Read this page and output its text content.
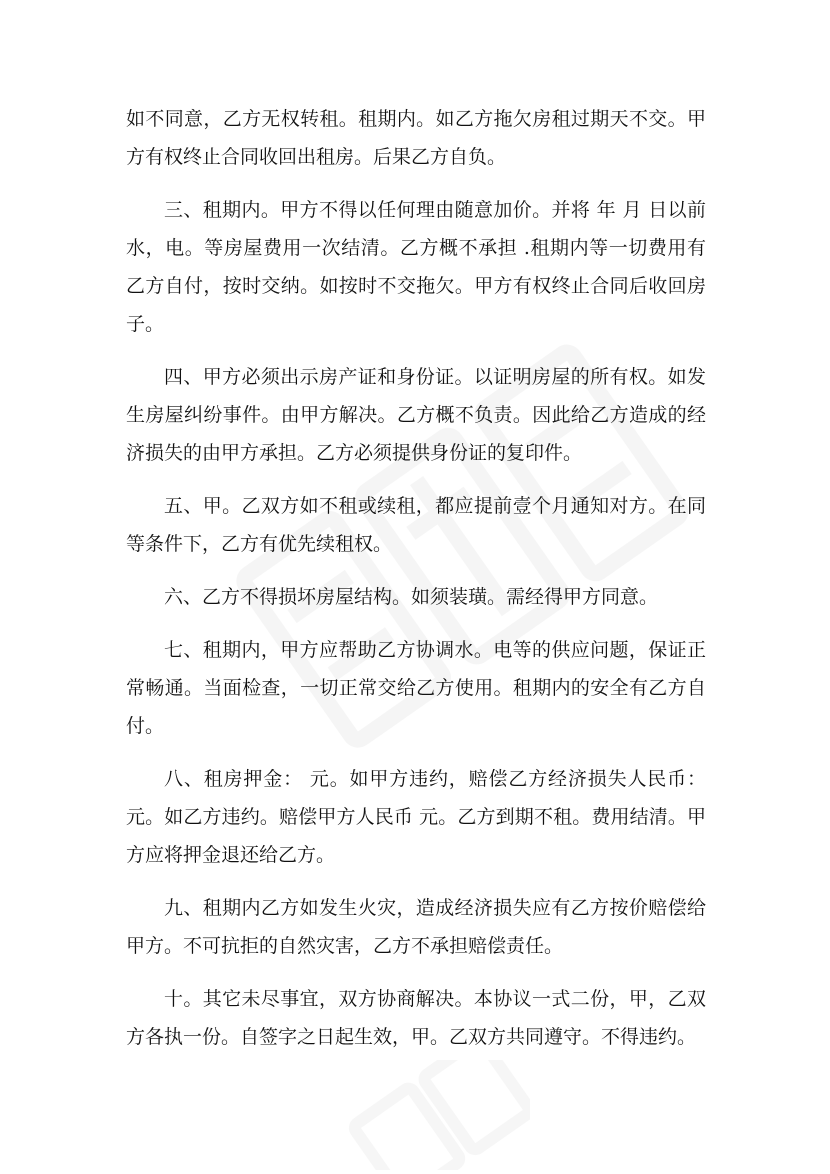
如不同意，乙方无权转租。租期内。如乙方拖欠房租过期天不交。甲方有权终止合同收回出租房。后果乙方自负。

三、租期内。甲方不得以任何理由随意加价。并将 年 月 日以前水，电。等房屋费用一次结清。乙方概不承担 .租期内等一切费用有乙方自付，按时交纳。如按时不交拖欠。甲方有权终止合同后收回房子。

四、甲方必须出示房产证和身份证。以证明房屋的所有权。如发生房屋纠纷事件。由甲方解决。乙方概不负责。因此给乙方造成的经济损失的由甲方承担。乙方必须提供身份证的复印件。

五、甲。乙双方如不租或续租，都应提前壹个月通知对方。在同等条件下，乙方有优先续租权。

六、乙方不得损坏房屋结构。如须装璜。需经得甲方同意。

七、租期内，甲方应帮助乙方协调水。电等的供应问题，保证正常畅通。当面检查，一切正常交给乙方使用。租期内的安全有乙方自付。

八、租房押金： 元。如甲方违约，赔偿乙方经济损失人民币： 元。如乙方违约。赔偿甲方人民币 元。乙方到期不租。费用结清。甲方应将押金退还给乙方。

九、租期内乙方如发生火灾，造成经济损失应有乙方按价赔偿给甲方。不可抗拒的自然灾害，乙方不承担赔偿责任。

十。其它未尽事宜，双方协商解决。本协议一式二份，甲，乙双方各执一份。自签字之日起生效，甲。乙双方共同遵守。不得违约。
